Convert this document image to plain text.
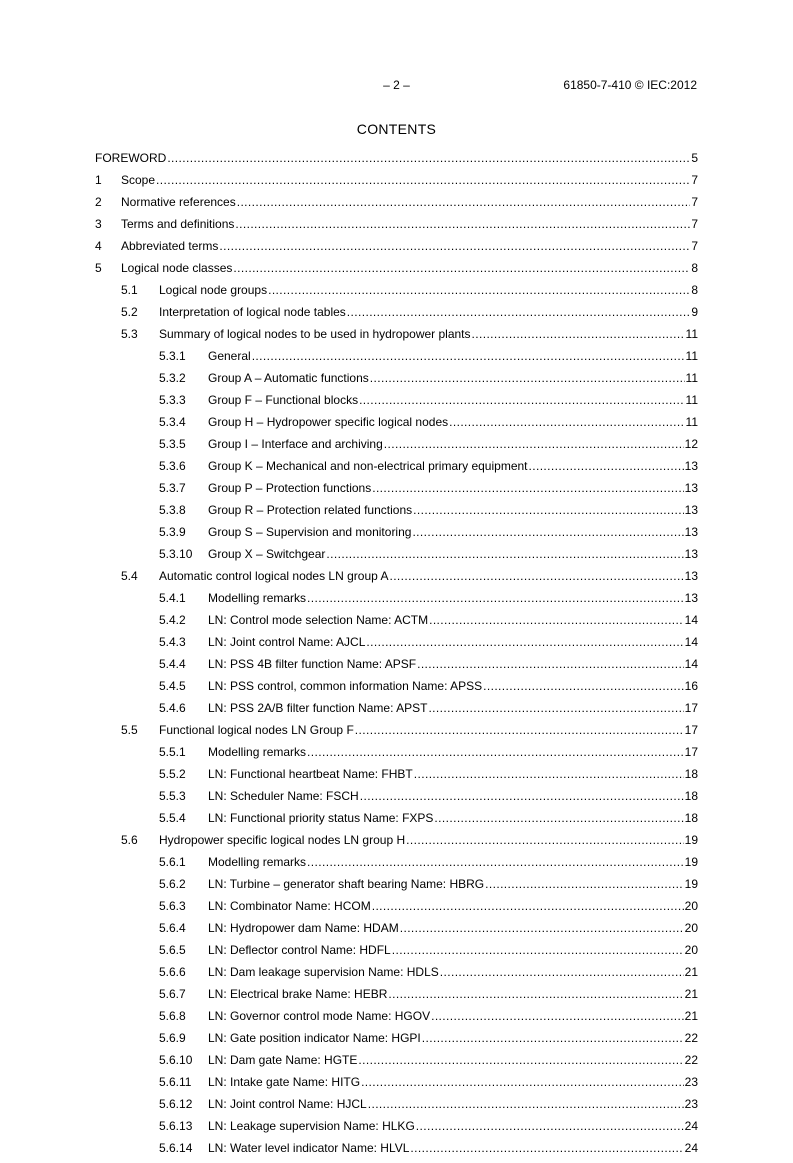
– 2 –	61850-7-410 © IEC:2012
CONTENTS
FOREWORD .....	5
1 Scope .....	7
2 Normative references .....	7
3 Terms and definitions .....	7
4 Abbreviated terms .....	7
5 Logical node classes .....	8
5.1 Logical node groups .....	8
5.2 Interpretation of logical node tables .....	9
5.3 Summary of logical nodes to be used in hydropower plants .....	11
5.3.1 General .....	11
5.3.2 Group A – Automatic functions .....	11
5.3.3 Group F – Functional blocks .....	11
5.3.4 Group H – Hydropower specific logical nodes .....	11
5.3.5 Group I – Interface and archiving .....	12
5.3.6 Group K – Mechanical and non-electrical primary equipment .....	13
5.3.7 Group P – Protection functions .....	13
5.3.8 Group R – Protection related functions .....	13
5.3.9 Group S – Supervision and monitoring .....	13
5.3.10 Group X – Switchgear .....	13
5.4 Automatic control logical nodes LN group A .....	13
5.4.1 Modelling remarks .....	13
5.4.2 LN: Control mode selection Name: ACTM .....	14
5.4.3 LN: Joint control Name: AJCL .....	14
5.4.4 LN: PSS 4B filter function Name: APSF .....	14
5.4.5 LN: PSS control, common information Name: APSS .....	16
5.4.6 LN: PSS 2A/B filter function Name: APST .....	17
5.5 Functional logical nodes LN Group F .....	17
5.5.1 Modelling remarks .....	17
5.5.2 LN: Functional heartbeat Name: FHBT .....	18
5.5.3 LN: Scheduler Name: FSCH .....	18
5.5.4 LN: Functional priority status Name: FXPS .....	18
5.6 Hydropower specific logical nodes LN group H .....	19
5.6.1 Modelling remarks .....	19
5.6.2 LN: Turbine – generator shaft bearing Name: HBRG .....	19
5.6.3 LN: Combinator Name: HCOM .....	20
5.6.4 LN: Hydropower dam Name: HDAM .....	20
5.6.5 LN: Deflector control Name: HDFL .....	20
5.6.6 LN: Dam leakage supervision Name: HDLS .....	21
5.6.7 LN: Electrical brake Name: HEBR .....	21
5.6.8 LN: Governor control mode Name: HGOV .....	21
5.6.9 LN: Gate position indicator Name: HGPI .....	22
5.6.10 LN: Dam gate Name: HGTE .....	22
5.6.11 LN: Intake gate Name: HITG .....	23
5.6.12 LN: Joint control Name: HJCL .....	23
5.6.13 LN: Leakage supervision Name: HLKG .....	24
5.6.14 LN: Water level indicator Name: HLVL .....	24
